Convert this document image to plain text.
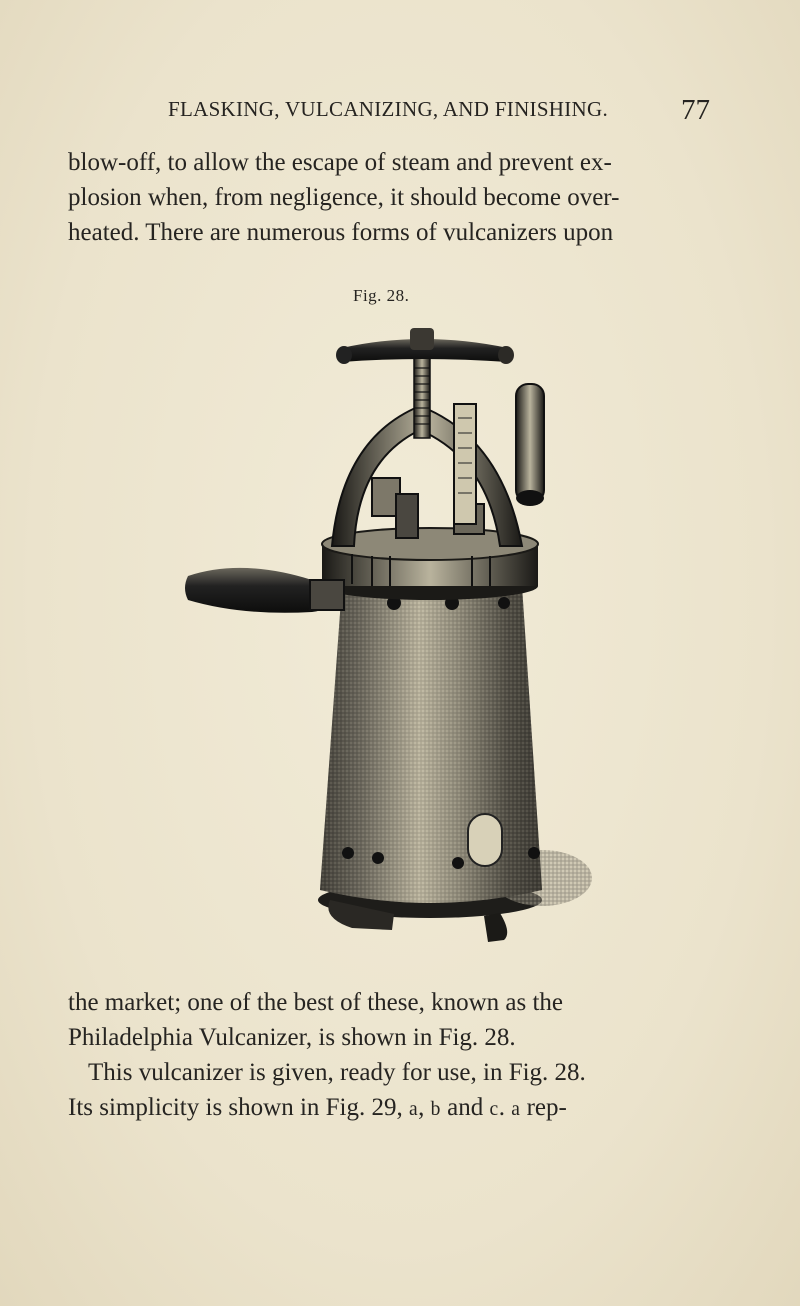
FLASKING, VULCANIZING, AND FINISHING.	77

blow-off, to allow the escape of steam and prevent ex-

plosion when, from negligence, it should become over-

heated. There are numerous forms of vulcanizers upon

Fig. 28.

the market; one of the best of these, known as the

Philadelphia Vulcanizer, is shown in Fig. 28.

This vulcanizer is given, ready for use, in Fig. 28.

Its simplicity is shown in Fig. 29, a, b and c. a rep-
